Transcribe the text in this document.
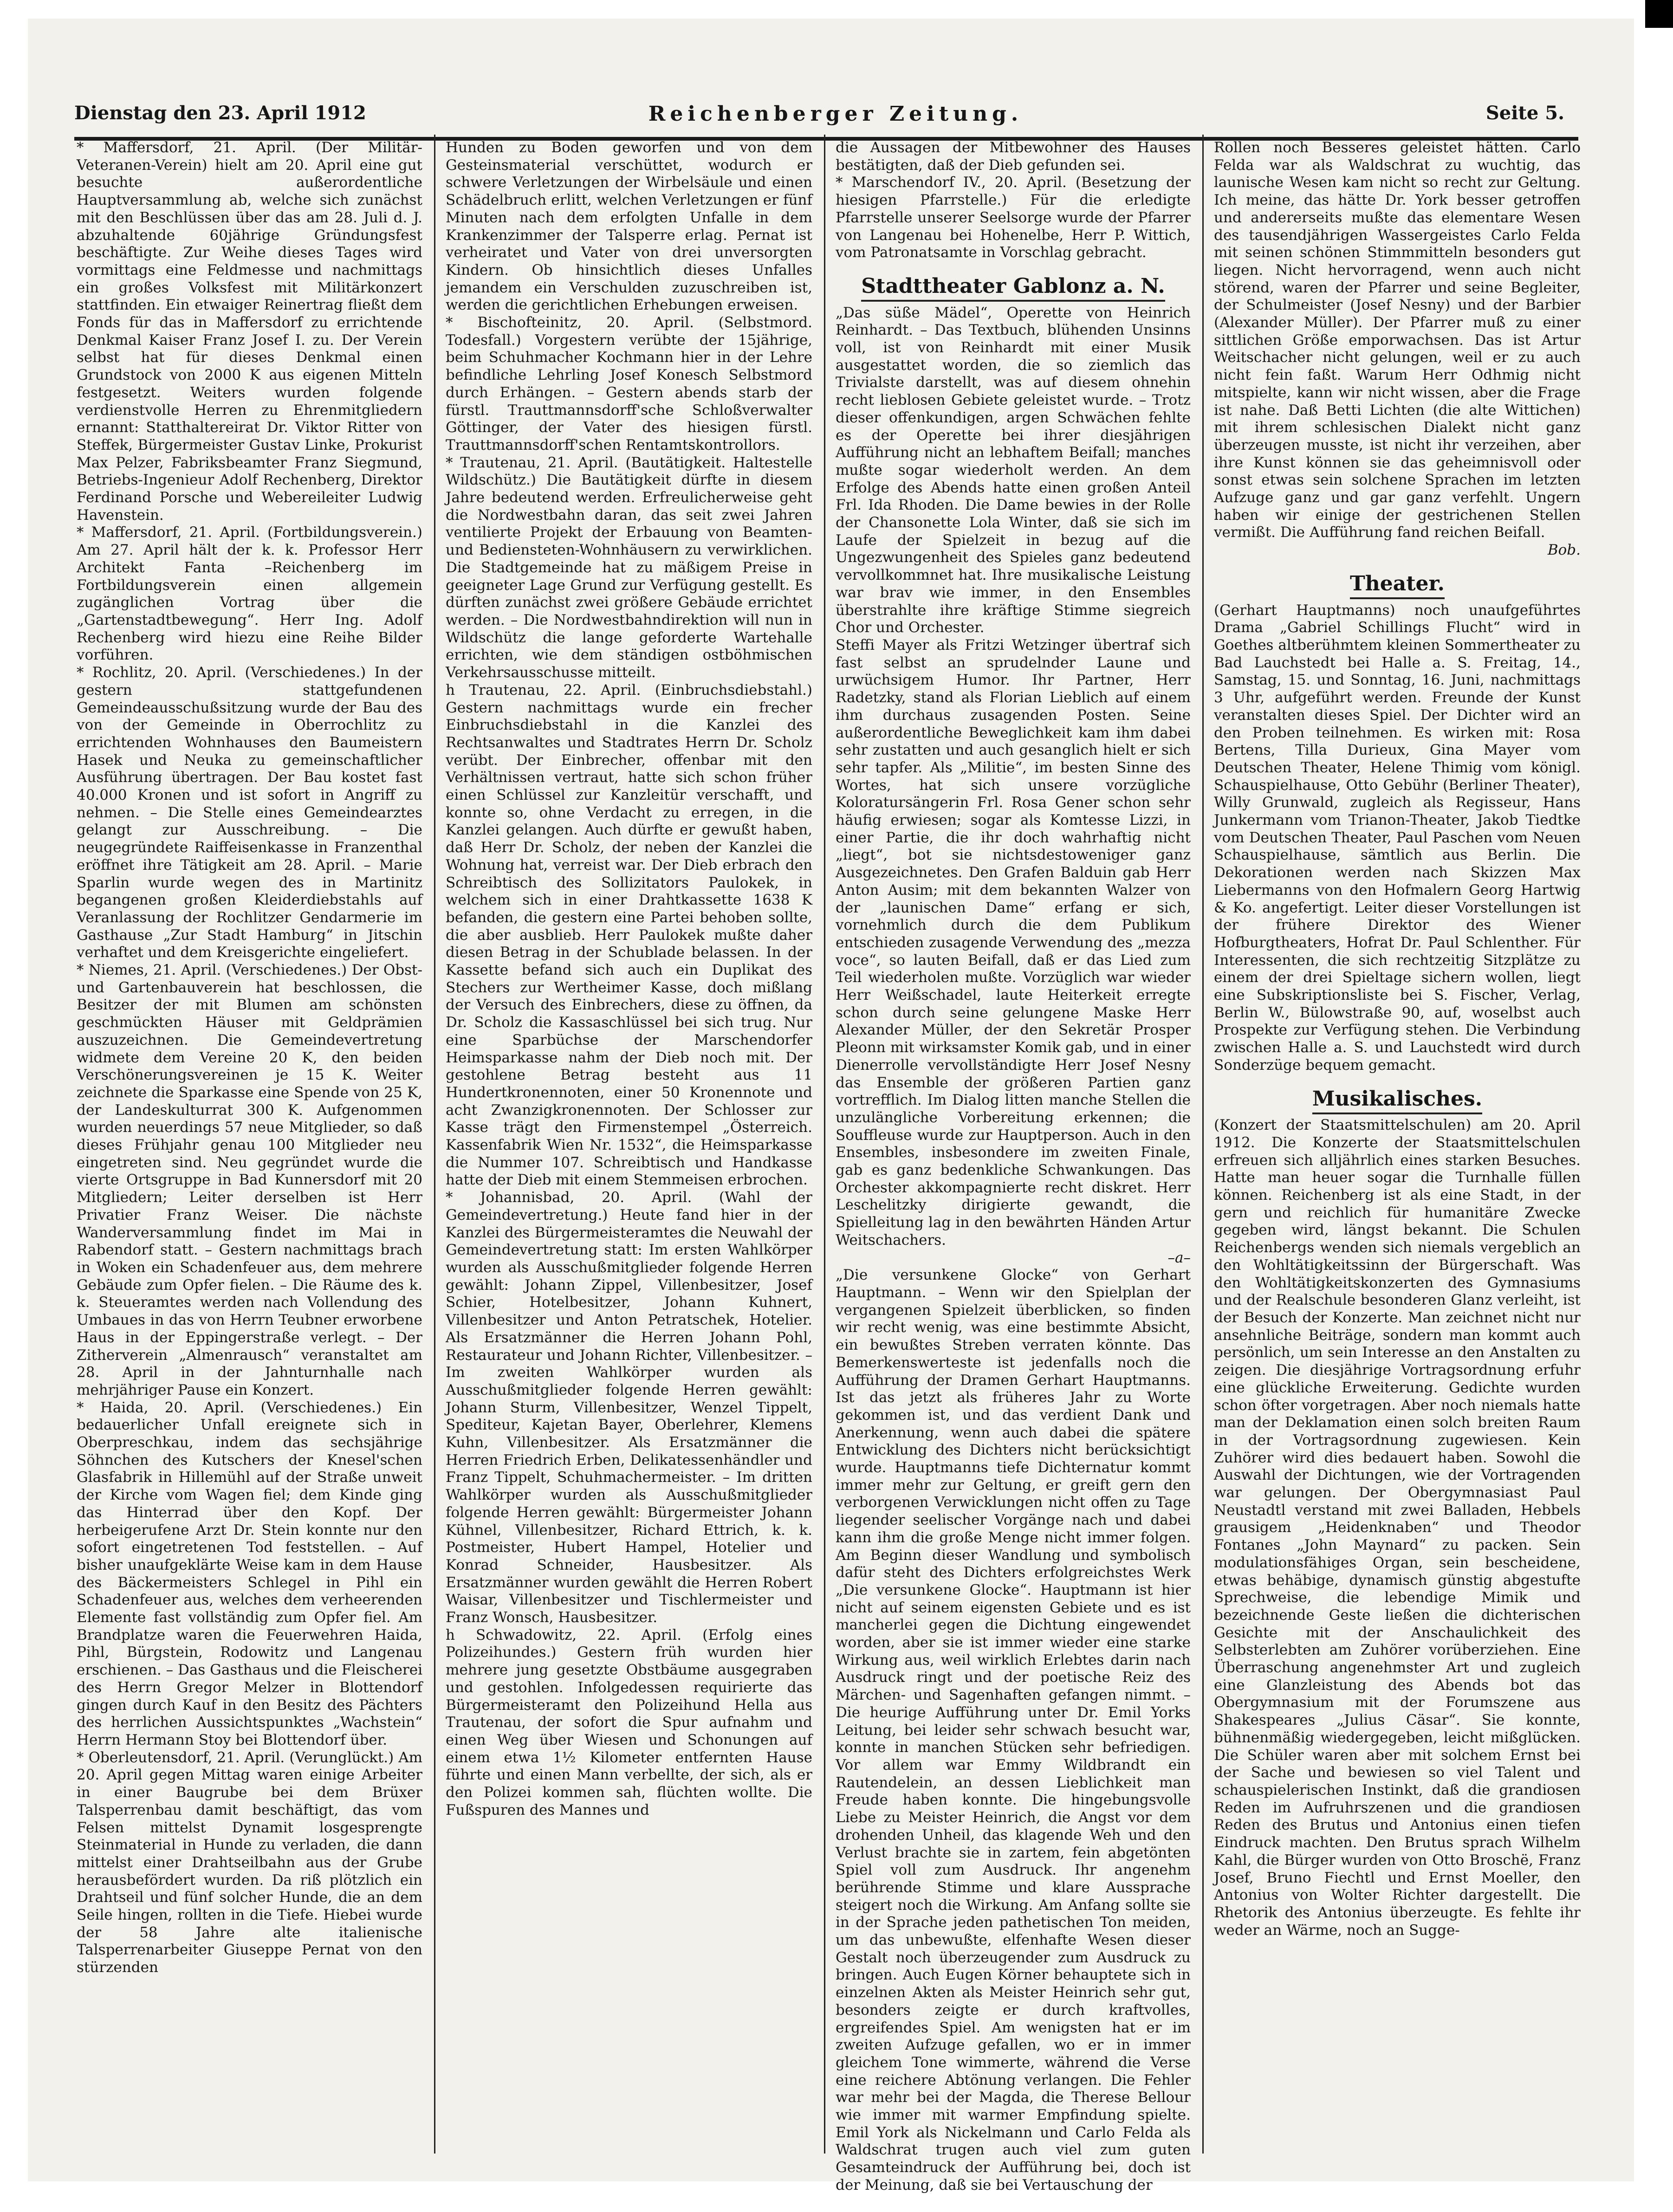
Dienstag den 23. April 1912	Reichenberger Zeitung.	Seite 5.

* Maffersdorf, 21. April. (Der Militär-Veteranen-Verein) hielt am 20. April eine gut besuchte außerordentliche Hauptversammlung ab, welche sich zunächst mit den Beschlüssen über das am 28. Juli d. J. abzuhaltende 60jährige Gründungsfest beschäftigte. Zur Weihe dieses Tages wird vormittags eine Feldmesse und nachmittags ein großes Volksfest mit Militärkonzert stattfinden. Ein etwaiger Reinertrag fließt dem Fonds für das in Maffersdorf zu errichtende Denkmal Kaiser Franz Josef I. zu. Der Verein selbst hat für dieses Denkmal einen Grundstock von 2000 K aus eigenen Mitteln festgesetzt. Weiters wurden folgende verdienstvolle Herren zu Ehrenmitgliedern ernannt: Statthaltereirat Dr. Viktor Ritter von Steffek, Bürgermeister Gustav Linke, Prokurist Max Pelzer, Fabriksbeamter Franz Siegmund, Betriebs-Ingenieur Adolf Rechenberg, Direktor Ferdinand Porsche und Webereileiter Ludwig Havenstein.

* Maffersdorf, 21. April. (Fortbildungsverein.) Am 27. April hält der k. k. Professor Herr Architekt Fanta –Reichenberg im Fortbildungsverein einen allgemein zugänglichen Vortrag über die „Gartenstadtbewegung“. Herr Ing. Adolf Rechenberg wird hiezu eine Reihe Bilder vorführen.

* Rochlitz, 20. April. (Verschiedenes.) In der gestern stattgefundenen Gemeindeausschußsitzung wurde der Bau des von der Gemeinde in Oberrochlitz zu errichtenden Wohnhauses den Baumeistern Hasek und Neuka zu gemeinschaftlicher Ausführung übertragen. Der Bau kostet fast 40.000 Kronen und ist sofort in Angriff zu nehmen. – Die Stelle eines Gemeindearztes gelangt zur Ausschreibung. – Die neugegründete Raiffeisenkasse in Franzenthal eröffnet ihre Tätigkeit am 28. April. – Marie Sparlin wurde wegen des in Martinitz begangenen großen Kleiderdiebstahls auf Veranlassung der Rochlitzer Gendarmerie im Gasthause „Zur Stadt Hamburg“ in Jitschin verhaftet und dem Kreisgerichte eingeliefert.

* Niemes, 21. April. (Verschiedenes.) Der Obst- und Gartenbauverein hat beschlossen, die Besitzer der mit Blumen am schönsten geschmückten Häuser mit Geldprämien auszuzeichnen. Die Gemeindevertretung widmete dem Vereine 20 K, den beiden Verschönerungsvereinen je 15 K. Weiter zeichnete die Sparkasse eine Spende von 25 K, der Landeskulturrat 300 K. Aufgenommen wurden neuerdings 57 neue Mitglieder, so daß dieses Frühjahr genau 100 Mitglieder neu eingetreten sind. Neu gegründet wurde die vierte Ortsgruppe in Bad Kunnersdorf mit 20 Mitgliedern; Leiter derselben ist Herr Privatier Franz Weiser. Die nächste Wanderversammlung findet im Mai in Rabendorf statt. – Gestern nachmittags brach in Woken ein Schadenfeuer aus, dem mehrere Gebäude zum Opfer fielen. – Die Räume des k. k. Steueramtes werden nach Vollendung des Umbaues in das von Herrn Teubner erworbene Haus in der Eppingerstraße verlegt. – Der Zitherverein „Almenrausch“ veranstaltet am 28. April in der Jahnturnhalle nach mehrjähriger Pause ein Konzert.

* Haida, 20. April. (Verschiedenes.) Ein bedauerlicher Unfall ereignete sich in Oberpreschkau, indem das sechsjährige Söhnchen des Kutschers der Knesel'schen Glasfabrik in Hillemühl auf der Straße unweit der Kirche vom Wagen fiel; dem Kinde ging das Hinterrad über den Kopf. Der herbeigerufene Arzt Dr. Stein konnte nur den sofort eingetretenen Tod feststellen. – Auf bisher unaufgeklärte Weise kam in dem Hause des Bäckermeisters Schlegel in Pihl ein Schadenfeuer aus, welches dem verheerenden Elemente fast vollständig zum Opfer fiel. Am Brandplatze waren die Feuerwehren Haida, Pihl, Bürgstein, Rodowitz und Langenau erschienen. – Das Gasthaus und die Fleischerei des Herrn Gregor Melzer in Blottendorf gingen durch Kauf in den Besitz des Pächters des herrlichen Aussichtspunktes „Wachstein“ Herrn Hermann Stoy bei Blottendorf über.

* Oberleutensdorf, 21. April. (Verunglückt.) Am 20. April gegen Mittag waren einige Arbeiter in einer Baugrube bei dem Brüxer Talsperrenbau damit beschäftigt, das vom Felsen mittelst Dynamit losgesprengte Steinmaterial in Hunde zu verladen, die dann mittelst einer Drahtseilbahn aus der Grube herausbefördert wurden. Da riß plötzlich ein Drahtseil und fünf solcher Hunde, die an dem Seile hingen, rollten in die Tiefe. Hiebei wurde der 58 Jahre alte italienische Talsperrenarbeiter Giuseppe Pernat von den stürzenden

Hunden zu Boden geworfen und von dem Gesteinsmaterial verschüttet, wodurch er schwere Verletzungen der Wirbelsäule und einen Schädelbruch erlitt, welchen Verletzungen er fünf Minuten nach dem erfolgten Unfalle in dem Krankenzimmer der Talsperre erlag. Pernat ist verheiratet und Vater von drei unversorgten Kindern. Ob hinsichtlich dieses Unfalles jemandem ein Verschulden zuzuschreiben ist, werden die gerichtlichen Erhebungen erweisen.

* Bischofteinitz, 20. April. (Selbstmord. Todesfall.) Vorgestern verübte der 15jährige, beim Schuhmacher Kochmann hier in der Lehre befindliche Lehrling Josef Konesch Selbstmord durch Erhängen. – Gestern abends starb der fürstl. Trauttmannsdorff'sche Schloßverwalter Göttinger, der Vater des hiesigen fürstl. Trauttmannsdorff'schen Rentamtskontrollors.

* Trautenau, 21. April. (Bautätigkeit. Haltestelle Wildschütz.) Die Bautätigkeit dürfte in diesem Jahre bedeutend werden. Erfreulicherweise geht die Nordwestbahn daran, das seit zwei Jahren ventilierte Projekt der Erbauung von Beamten- und Bediensteten-Wohnhäusern zu verwirklichen. Die Stadtgemeinde hat zu mäßigem Preise in geeigneter Lage Grund zur Verfügung gestellt. Es dürften zunächst zwei größere Gebäude errichtet werden. – Die Nordwestbahndirektion will nun in Wildschütz die lange geforderte Wartehalle errichten, wie dem ständigen ostböhmischen Verkehrsausschusse mitteilt.

h Trautenau, 22. April. (Einbruchsdiebstahl.) Gestern nachmittags wurde ein frecher Einbruchsdiebstahl in die Kanzlei des Rechtsanwaltes und Stadtrates Herrn Dr. Scholz verübt. Der Einbrecher, offenbar mit den Verhältnissen vertraut, hatte sich schon früher einen Schlüssel zur Kanzleitür verschafft, und konnte so, ohne Verdacht zu erregen, in die Kanzlei gelangen. Auch dürfte er gewußt haben, daß Herr Dr. Scholz, der neben der Kanzlei die Wohnung hat, verreist war. Der Dieb erbrach den Schreibtisch des Sollizitators Paulokek, in welchem sich in einer Drahtkassette 1638 K befanden, die gestern eine Partei behoben sollte, die aber ausblieb. Herr Paulokek mußte daher diesen Betrag in der Schublade belassen. In der Kassette befand sich auch ein Duplikat des Stechers zur Wertheimer Kasse, doch mißlang der Versuch des Einbrechers, diese zu öffnen, da Dr. Scholz die Kassaschlüssel bei sich trug. Nur eine Sparbüchse der Marschendorfer Heimsparkasse nahm der Dieb noch mit. Der gestohlene Betrag besteht aus 11 Hundertkronennoten, einer 50 Kronennote und acht Zwanzigkronennoten. Der Schlosser zur Kasse trägt den Firmenstempel „Österreich. Kassenfabrik Wien Nr. 1532“, die Heimsparkasse die Nummer 107. Schreibtisch und Handkasse hatte der Dieb mit einem Stemmeisen erbrochen.

* Johannisbad, 20. April. (Wahl der Gemeindevertretung.) Heute fand hier in der Kanzlei des Bürgermeisteramtes die Neuwahl der Gemeindevertretung statt: Im ersten Wahlkörper wurden als Ausschußmitglieder folgende Herren gewählt: Johann Zippel, Villenbesitzer, Josef Schier, Hotelbesitzer, Johann Kuhnert, Villenbesitzer und Anton Petratschek, Hotelier. Als Ersatzmänner die Herren Johann Pohl, Restaurateur und Johann Richter, Villenbesitzer. – Im zweiten Wahlkörper wurden als Ausschußmitglieder folgende Herren gewählt: Johann Sturm, Villenbesitzer, Wenzel Tippelt, Spediteur, Kajetan Bayer, Oberlehrer, Klemens Kuhn, Villenbesitzer. Als Ersatzmänner die Herren Friedrich Erben, Delikatessenhändler und Franz Tippelt, Schuhmachermeister. – Im dritten Wahlkörper wurden als Ausschußmitglieder folgende Herren gewählt: Bürgermeister Johann Kühnel, Villenbesitzer, Richard Ettrich, k. k. Postmeister, Hubert Hampel, Hotelier und Konrad Schneider, Hausbesitzer. Als Ersatzmänner wurden gewählt die Herren Robert Waisar, Villenbesitzer und Tischlermeister und Franz Wonsch, Hausbesitzer.

h Schwadowitz, 22. April. (Erfolg eines Polizeihundes.) Gestern früh wurden hier mehrere jung gesetzte Obstbäume ausgegraben und gestohlen. Infolgedessen requirierte das Bürgermeisteramt den Polizeihund Hella aus Trautenau, der sofort die Spur aufnahm und einen Weg über Wiesen und Schonungen auf einem etwa 1½ Kilometer entfernten Hause führte und einen Mann verbellte, der sich, als er den Polizei kommen sah, flüchten wollte. Die Fußspuren des Mannes und

die Aussagen der Mitbewohner des Hauses bestätigten, daß der Dieb gefunden sei.

* Marschendorf IV., 20. April. (Besetzung der hiesigen Pfarrstelle.) Für die erledigte Pfarrstelle unserer Seelsorge wurde der Pfarrer von Langenau bei Hohenelbe, Herr P. Wittich, vom Patronatsamte in Vorschlag gebracht.

Stadttheater Gablonz a. N.

„Das süße Mädel“, Operette von Heinrich Reinhardt. – Das Textbuch, blühenden Unsinns voll, ist von Reinhardt mit einer Musik ausgestattet worden, die so ziemlich das Trivialste darstellt, was auf diesem ohnehin recht lieblosen Gebiete geleistet wurde. – Trotz dieser offenkundigen, argen Schwächen fehlte es der Operette bei ihrer diesjährigen Aufführung nicht an lebhaftem Beifall; manches mußte sogar wiederholt werden. An dem Erfolge des Abends hatte einen großen Anteil Frl. Ida Rhoden. Die Dame bewies in der Rolle der Chansonette Lola Winter, daß sie sich im Laufe der Spielzeit in bezug auf die Ungezwungenheit des Spieles ganz bedeutend vervollkommnet hat. Ihre musikalische Leistung war brav wie immer, in den Ensembles überstrahlte ihre kräftige Stimme siegreich Chor und Orchester.

Steffi Mayer als Fritzi Wetzinger übertraf sich fast selbst an sprudelnder Laune und urwüchsigem Humor. Ihr Partner, Herr Radetzky, stand als Florian Lieblich auf einem ihm durchaus zusagenden Posten. Seine außerordentliche Beweglichkeit kam ihm dabei sehr zustatten und auch gesanglich hielt er sich sehr tapfer. Als „Militie“, im besten Sinne des Wortes, hat sich unsere vorzügliche Koloratursängerin Frl. Rosa Gener schon sehr häufig erwiesen; sogar als Komtesse Lizzi, in einer Partie, die ihr doch wahrhaftig nicht „liegt“, bot sie nichtsdestoweniger ganz Ausgezeichnetes. Den Grafen Balduin gab Herr Anton Ausim; mit dem bekannten Walzer von der „launischen Dame“ erfang er sich, vornehmlich durch die dem Publikum entschieden zusagende Verwendung des „mezza voce“, so lauten Beifall, daß er das Lied zum Teil wiederholen mußte. Vorzüglich war wieder Herr Weißschadel, laute Heiterkeit erregte schon durch seine gelungene Maske Herr Alexander Müller, der den Sekretär Prosper Pleonn mit wirksamster Komik gab, und in einer Dienerrolle vervollständigte Herr Josef Nesny das Ensemble der größeren Partien ganz vortrefflich. Im Dialog litten manche Stellen die unzulängliche Vorbereitung erkennen; die Souffleuse wurde zur Hauptperson. Auch in den Ensembles, insbesondere im zweiten Finale, gab es ganz bedenkliche Schwankungen. Das Orchester akkompagnierte recht diskret. Herr Leschelitzky dirigierte gewandt, die Spielleitung lag in den bewährten Händen Artur Weitschachers.

–a–

„Die versunkene Glocke“ von Gerhart Hauptmann. – Wenn wir den Spielplan der vergangenen Spielzeit überblicken, so finden wir recht wenig, was eine bestimmte Absicht, ein bewußtes Streben verraten könnte. Das Bemerkenswerteste ist jedenfalls noch die Aufführung der Dramen Gerhart Hauptmanns. Ist das jetzt als früheres Jahr zu Worte gekommen ist, und das verdient Dank und Anerkennung, wenn auch dabei die spätere Entwicklung des Dichters nicht berücksichtigt wurde. Hauptmanns tiefe Dichternatur kommt immer mehr zur Geltung, er greift gern den verborgenen Verwicklungen nicht offen zu Tage liegender seelischer Vorgänge nach und dabei kann ihm die große Menge nicht immer folgen. Am Beginn dieser Wandlung und symbolisch dafür steht des Dichters erfolgreichstes Werk „Die versunkene Glocke“. Hauptmann ist hier nicht auf seinem eigensten Gebiete und es ist mancherlei gegen die Dichtung eingewendet worden, aber sie ist immer wieder eine starke Wirkung aus, weil wirklich Erlebtes darin nach Ausdruck ringt und der poetische Reiz des Märchen- und Sagenhaften gefangen nimmt. – Die heurige Aufführung unter Dr. Emil Yorks Leitung, bei leider sehr schwach besucht war, konnte in manchen Stücken sehr befriedigen. Vor allem war Emmy Wildbrandt ein Rautendelein, an dessen Lieblichkeit man Freude haben konnte. Die hingebungsvolle Liebe zu Meister Heinrich, die Angst vor dem drohenden Unheil, das klagende Weh und den Verlust brachte sie in zartem, fein abgetönten Spiel voll zum Ausdruck. Ihr angenehm berührende Stimme und klare Aussprache steigert noch die Wirkung. Am Anfang sollte sie in der Sprache jeden pathetischen Ton meiden, um das unbewußte, elfenhafte Wesen dieser Gestalt noch überzeugender zum Ausdruck zu bringen. Auch Eugen Körner behauptete sich in einzelnen Akten als Meister Heinrich sehr gut, besonders zeigte er durch kraftvolles, ergreifendes Spiel. Am wenigsten hat er im zweiten Aufzuge gefallen, wo er in immer gleichem Tone wimmerte, während die Verse eine reichere Abtönung verlangen. Die Fehler war mehr bei der Magda, die Therese Bellour wie immer mit warmer Empfindung spielte. Emil York als Nickelmann und Carlo Felda als Waldschrat trugen auch viel zum guten Gesamteindruck der Aufführung bei, doch ist der Meinung, daß sie bei Vertauschung der

Rollen noch Besseres geleistet hätten. Carlo Felda war als Waldschrat zu wuchtig, das launische Wesen kam nicht so recht zur Geltung. Ich meine, das hätte Dr. York besser getroffen und andererseits mußte das elementare Wesen des tausendjährigen Wassergeistes Carlo Felda mit seinen schönen Stimmmitteln besonders gut liegen. Nicht hervorragend, wenn auch nicht störend, waren der Pfarrer und seine Begleiter, der Schulmeister (Josef Nesny) und der Barbier (Alexander Müller). Der Pfarrer muß zu einer sittlichen Größe emporwachsen. Das ist Artur Weitschacher nicht gelungen, weil er zu auch nicht fein faßt. Warum Herr Odhmig nicht mitspielte, kann wir nicht wissen, aber die Frage ist nahe. Daß Betti Lichten (die alte Wittichen) mit ihrem schlesischen Dialekt nicht ganz überzeugen musste, ist nicht ihr verzeihen, aber ihre Kunst können sie das geheimnisvoll oder sonst etwas sein solchene Sprachen im letzten Aufzuge ganz und gar ganz verfehlt. Ungern haben wir einige der gestrichenen Stellen vermißt. Die Aufführung fand reichen Beifall.

Bob.

Theater.

(Gerhart Hauptmanns) noch unaufgeführtes Drama „Gabriel Schillings Flucht“ wird in Goethes altberühmtem kleinen Sommertheater zu Bad Lauchstedt bei Halle a. S. Freitag, 14., Samstag, 15. und Sonntag, 16. Juni, nachmittags 3 Uhr, aufgeführt werden. Freunde der Kunst veranstalten dieses Spiel. Der Dichter wird an den Proben teilnehmen. Es wirken mit: Rosa Bertens, Tilla Durieux, Gina Mayer vom Deutschen Theater, Helene Thimig vom königl. Schauspielhause, Otto Gebühr (Berliner Theater), Willy Grunwald, zugleich als Regisseur, Hans Junkermann vom Trianon-Theater, Jakob Tiedtke vom Deutschen Theater, Paul Paschen vom Neuen Schauspielhause, sämtlich aus Berlin. Die Dekorationen werden nach Skizzen Max Liebermanns von den Hofmalern Georg Hartwig & Ko. angefertigt. Leiter dieser Vorstellungen ist der frühere Direktor des Wiener Hofburgtheaters, Hofrat Dr. Paul Schlenther. Für Interessenten, die sich rechtzeitig Sitzplätze zu einem der drei Spieltage sichern wollen, liegt eine Subskriptionsliste bei S. Fischer, Verlag, Berlin W., Bülowstraße 90, auf, woselbst auch Prospekte zur Verfügung stehen. Die Verbindung zwischen Halle a. S. und Lauchstedt wird durch Sonderzüge bequem gemacht.

Musikalisches.

(Konzert der Staatsmittelschulen) am 20. April 1912. Die Konzerte der Staatsmittelschulen erfreuen sich alljährlich eines starken Besuches. Hatte man heuer sogar die Turnhalle füllen können. Reichenberg ist als eine Stadt, in der gern und reichlich für humanitäre Zwecke gegeben wird, längst bekannt. Die Schulen Reichenbergs wenden sich niemals vergeblich an den Wohltätigkeitssinn der Bürgerschaft. Was den Wohltätigkeitskonzerten des Gymnasiums und der Realschule besonderen Glanz verleiht, ist der Besuch der Konzerte. Man zeichnet nicht nur ansehnliche Beiträge, sondern man kommt auch persönlich, um sein Interesse an den Anstalten zu zeigen. Die diesjährige Vortragsordnung erfuhr eine glückliche Erweiterung. Gedichte wurden schon öfter vorgetragen. Aber noch niemals hatte man der Deklamation einen solch breiten Raum in der Vortragsordnung zugewiesen. Kein Zuhörer wird dies bedauert haben. Sowohl die Auswahl der Dichtungen, wie der Vortragenden war gelungen. Der Obergymnasiast Paul Neustadtl verstand mit zwei Balladen, Hebbels grausigem „Heidenknaben“ und Theodor Fontanes „John Maynard“ zu packen. Sein modulationsfähiges Organ, sein bescheidene, etwas behäbige, dynamisch günstig abgestufte Sprechweise, die lebendige Mimik und bezeichnende Geste ließen die dichterischen Gesichte mit der Anschaulichkeit des Selbsterlebten am Zuhörer vorüberziehen. Eine Überraschung angenehmster Art und zugleich eine Glanzleistung des Abends bot das Obergymnasium mit der Forumszene aus Shakespeares „Julius Cäsar“. Sie konnte, bühnenmäßig wiedergegeben, leicht mißglücken. Die Schüler waren aber mit solchem Ernst bei der Sache und bewiesen so viel Talent und schauspielerischen Instinkt, daß die grandiosen Reden im Aufruhrszenen und die grandiosen Reden des Brutus und Antonius einen tiefen Eindruck machten. Den Brutus sprach Wilhelm Kahl, die Bürger wurden von Otto Broschë, Franz Josef, Bruno Fiechtl und Ernst Moeller, den Antonius von Wolter Richter dargestellt. Die Rhetorik des Antonius überzeugte. Es fehlte ihr weder an Wärme, noch an Sugge-
